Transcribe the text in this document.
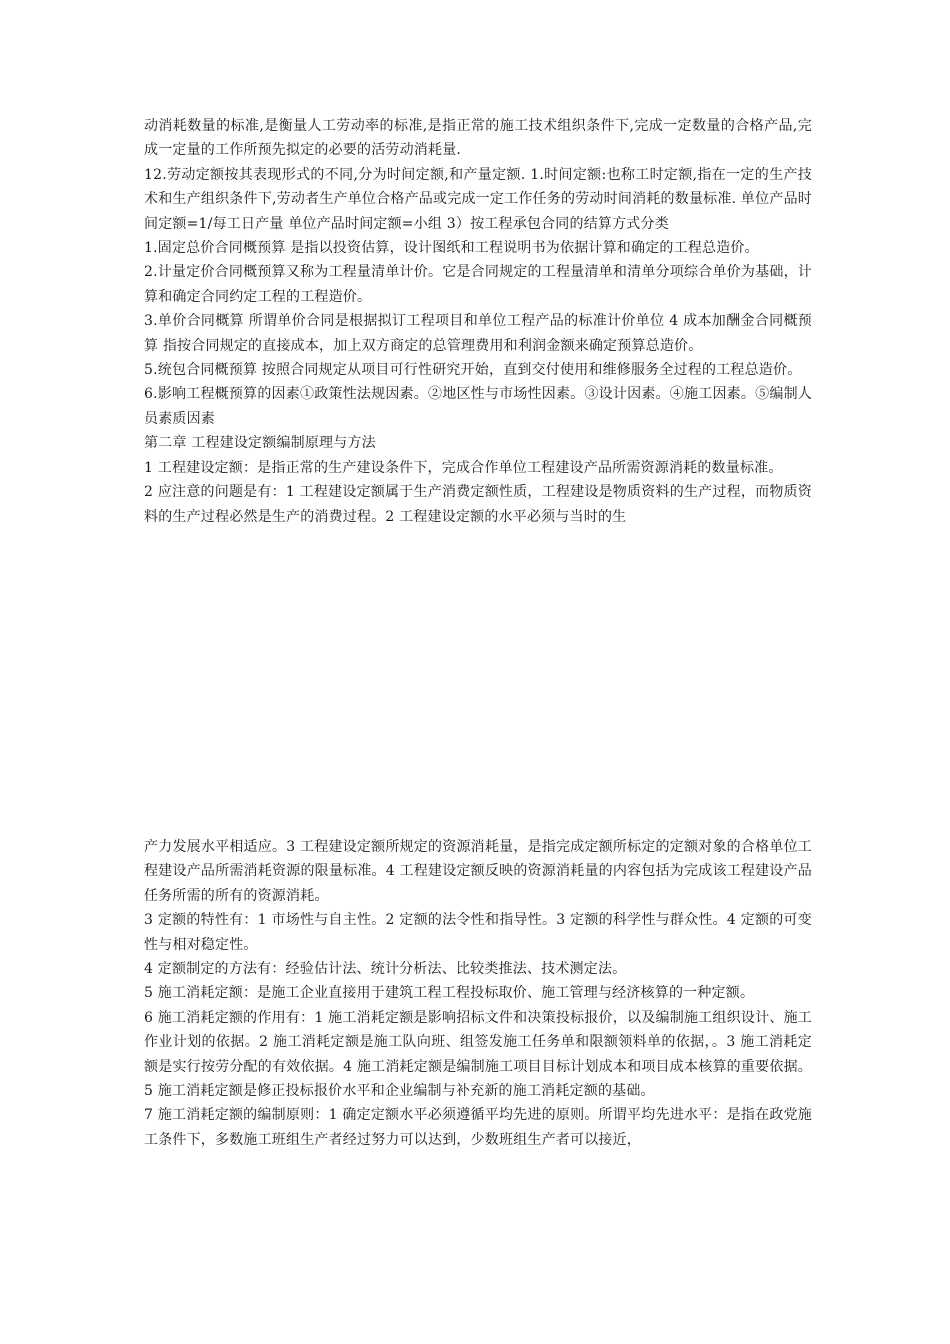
动消耗数量的标准,是衡量人工劳动率的标准,是指正常的施工技术组织条件下,完成一定数量的合格产品,完成一定量的工作所预先拟定的必要的活劳动消耗量.

12.劳动定额按其表现形式的不同,分为时间定额,和产量定额. 1.时间定额:也称工时定额,指在一定的生产技术和生产组织条件下,劳动者生产单位合格产品或完成一定工作任务的劳动时间消耗的数量标准. 单位产品时间定额=1/每工日产量 单位产品时间定额=小组 3）按工程承包合同的结算方式分类

1.固定总价合同概预算 是指以投资估算，设计图纸和工程说明书为依据计算和确定的工程总造价。

2.计量定价合同概预算又称为工程量清单计价。它是合同规定的工程量清单和清单分项综合单价为基础，计算和确定合同约定工程的工程造价。

3.单价合同概算 所谓单价合同是根据拟订工程项目和单位工程产品的标准计价单位 4 成本加酬金合同概预算 指按合同规定的直接成本，加上双方商定的总管理费用和利润金额来确定预算总造价。

5.统包合同概预算 按照合同规定从项目可行性研究开始，直到交付使用和维修服务全过程的工程总造价。

6.影响工程概预算的因素①政策性法规因素。②地区性与市场性因素。③设计因素。④施工因素。⑤编制人员素质因素

第二章 工程建设定额编制原理与方法

1 工程建设定额：是指正常的生产建设条件下，完成合作单位工程建设产品所需资源消耗的数量标准。

2 应注意的问题是有：1 工程建设定额属于生产消费定额性质，工程建设是物质资料的生产过程，而物质资料的生产过程必然是生产的消费过程。2 工程建设定额的水平必须与当时的生

产力发展水平相适应。3 工程建设定额所规定的资源消耗量，是指完成定额所标定的定额对象的合格单位工程建设产品所需消耗资源的限量标准。4 工程建设定额反映的资源消耗量的内容包括为完成该工程建设产品任务所需的所有的资源消耗。

3 定额的特性有：1 市场性与自主性。2 定额的法令性和指导性。3 定额的科学性与群众性。4 定额的可变性与相对稳定性。

4 定额制定的方法有：经验估计法、统计分析法、比较类推法、技术测定法。

5 施工消耗定额：是施工企业直接用于建筑工程工程投标取价、施工管理与经济核算的一种定额。

6 施工消耗定额的作用有：1 施工消耗定额是影响招标文件和决策投标报价，以及编制施工组织设计、施工作业计划的依据。2 施工消耗定额是施工队向班、组签发施工任务单和限额领料单的依据，。3 施工消耗定额是实行按劳分配的有效依据。4 施工消耗定额是编制施工项目目标计划成本和项目成本核算的重要依据。5 施工消耗定额是修正投标报价水平和企业编制与补充新的施工消耗定额的基础。

7 施工消耗定额的编制原则：1 确定定额水平必须遵循平均先进的原则。所谓平均先进水平：是指在政党施工条件下，多数施工班组生产者经过努力可以达到，少数班组生产者可以接近，
